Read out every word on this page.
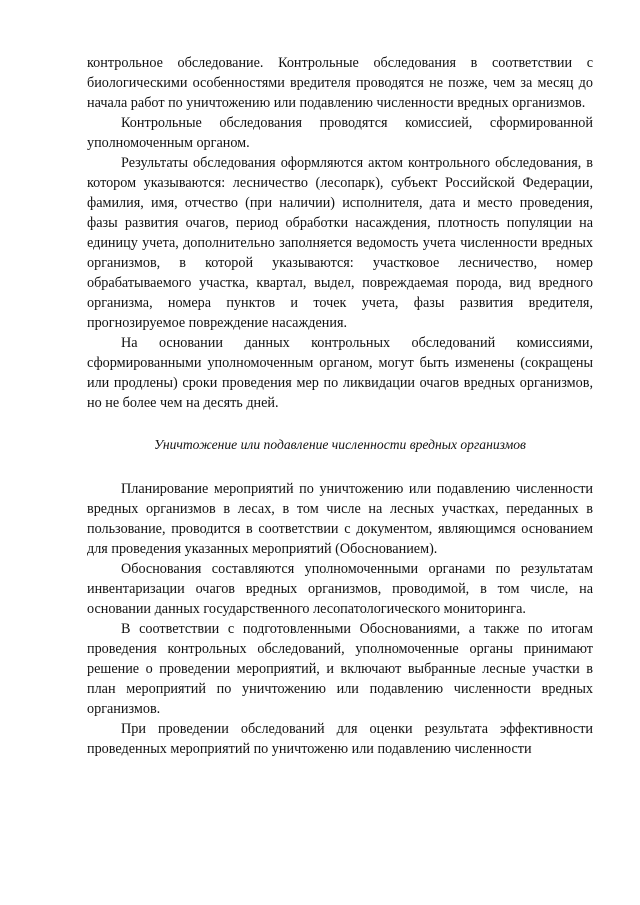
контрольное обследование. Контрольные обследования в соответствии с биологическими особенностями вредителя проводятся не позже, чем за месяц до начала работ по уничтожению или подавлению численности вредных организмов.

Контрольные обследования проводятся комиссией, сформированной уполномоченным органом.

Результаты обследования оформляются актом контрольного обследования, в котором указываются: лесничество (лесопарк), субъект Российской Федерации, фамилия, имя, отчество (при наличии) исполнителя, дата и место проведения, фазы развития очагов, период обработки насаждения, плотность популяции на единицу учета, дополнительно заполняется ведомость учета численности вредных организмов, в которой указываются: участковое лесничество, номер обрабатываемого участка, квартал, выдел, повреждаемая порода, вид вредного организма, номера пунктов и точек учета, фазы развития вредителя, прогнозируемое повреждение насаждения.

На основании данных контрольных обследований комиссиями, сформированными уполномоченным органом, могут быть изменены (сокращены или продлены) сроки проведения мер по ликвидации очагов вредных организмов, но не более чем на десять дней.

Уничтожение или подавление численности вредных организмов

Планирование мероприятий по уничтожению или подавлению численности вредных организмов в лесах, в том числе на лесных участках, переданных в пользование, проводится в соответствии с документом, являющимся основанием для проведения указанных мероприятий (Обоснованием).

Обоснования составляются уполномоченными органами по результатам инвентаризации очагов вредных организмов, проводимой, в том числе, на основании данных государственного лесопатологического мониторинга.

В соответствии с подготовленными Обоснованиями, а также по итогам проведения контрольных обследований, уполномоченные органы принимают решение о проведении мероприятий, и включают выбранные лесные участки в план мероприятий по уничтожению или подавлению численности вредных организмов.

При проведении обследований для оценки результата эффективности проведенных мероприятий по уничтоженю или подавлению численности
